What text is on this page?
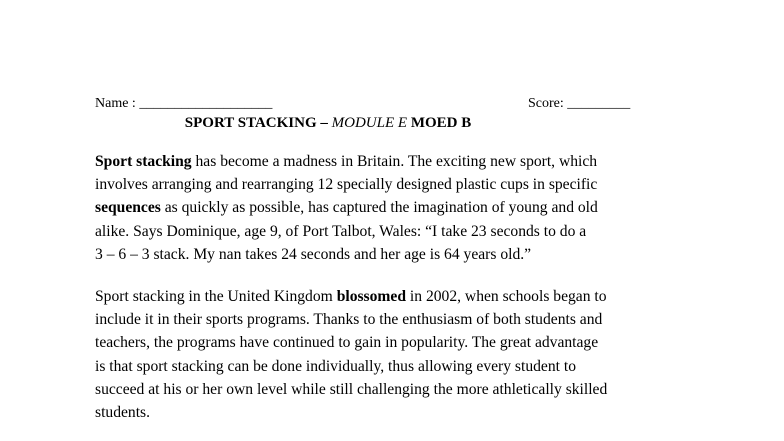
Name : ___________________	Score: _________
SPORT STACKING – MODULE E MOED B
Sport stacking has become a madness in Britain. The exciting new sport, which
involves arranging and rearranging 12 specially designed plastic cups in specific
sequences as quickly as possible, has captured the imagination of young and old
alike. Says Dominique, age 9, of Port Talbot, Wales: “I take 23 seconds to do a
3 – 6 – 3 stack. My nan takes 24 seconds and her age is 64 years old.”
Sport stacking in the United Kingdom blossomed in 2002, when schools began to
include it in their sports programs. Thanks to the enthusiasm of both students and
teachers, the programs have continued to gain in popularity. The great advantage
is that sport stacking can be done individually, thus allowing every student to
succeed at his or her own level while still challenging the more athletically skilled
students.
